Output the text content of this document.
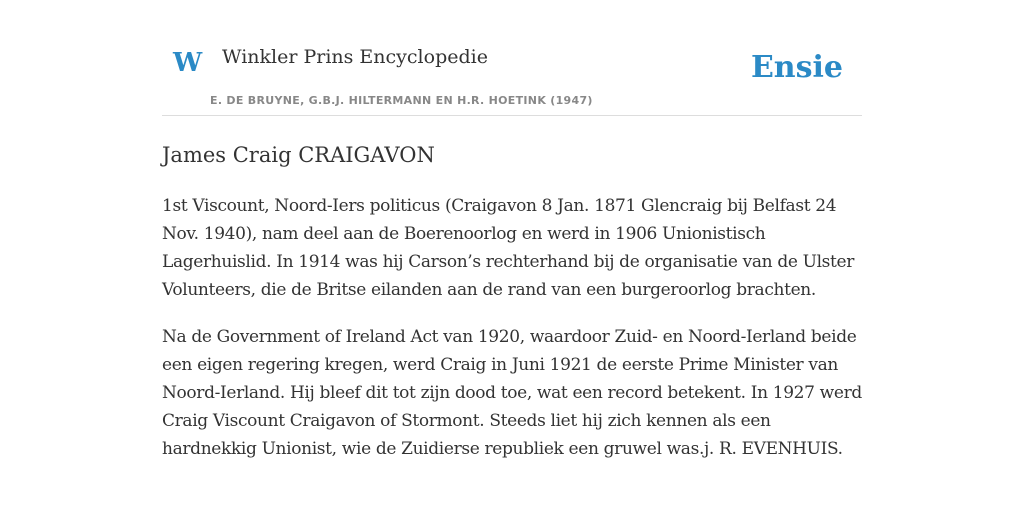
W Winkler Prins Encyclopedie
E. DE BRUYNE, G.B.J. HILTERMANN EN H.R. HOETINK (1947)
Ensie
James Craig CRAIGAVON

1st Viscount, Noord-Iers politicus (Craigavon 8 Jan. 1871 Glencraig bij Belfast 24 Nov. 1940), nam deel aan de Boerenoorlog en werd in 1906 Unionistisch Lagerhuislid. In 1914 was hij Carson’s rechterhand bij de organisatie van de Ulster Volunteers, die de Britse eilanden aan de rand van een burgeroorlog brachten.

Na de Government of Ireland Act van 1920, waardoor Zuid- en Noord-Ierland beide een eigen regering kregen, werd Craig in Juni 1921 de eerste Prime Minister van Noord-Ierland. Hij bleef dit tot zijn dood toe, wat een record betekent. In 1927 werd Craig Viscount Craigavon of Stormont. Steeds liet hij zich kennen als een hardnekkig Unionist, wie de Zuidierse republiek een gruwel was.j. R. EVENHUIS.
